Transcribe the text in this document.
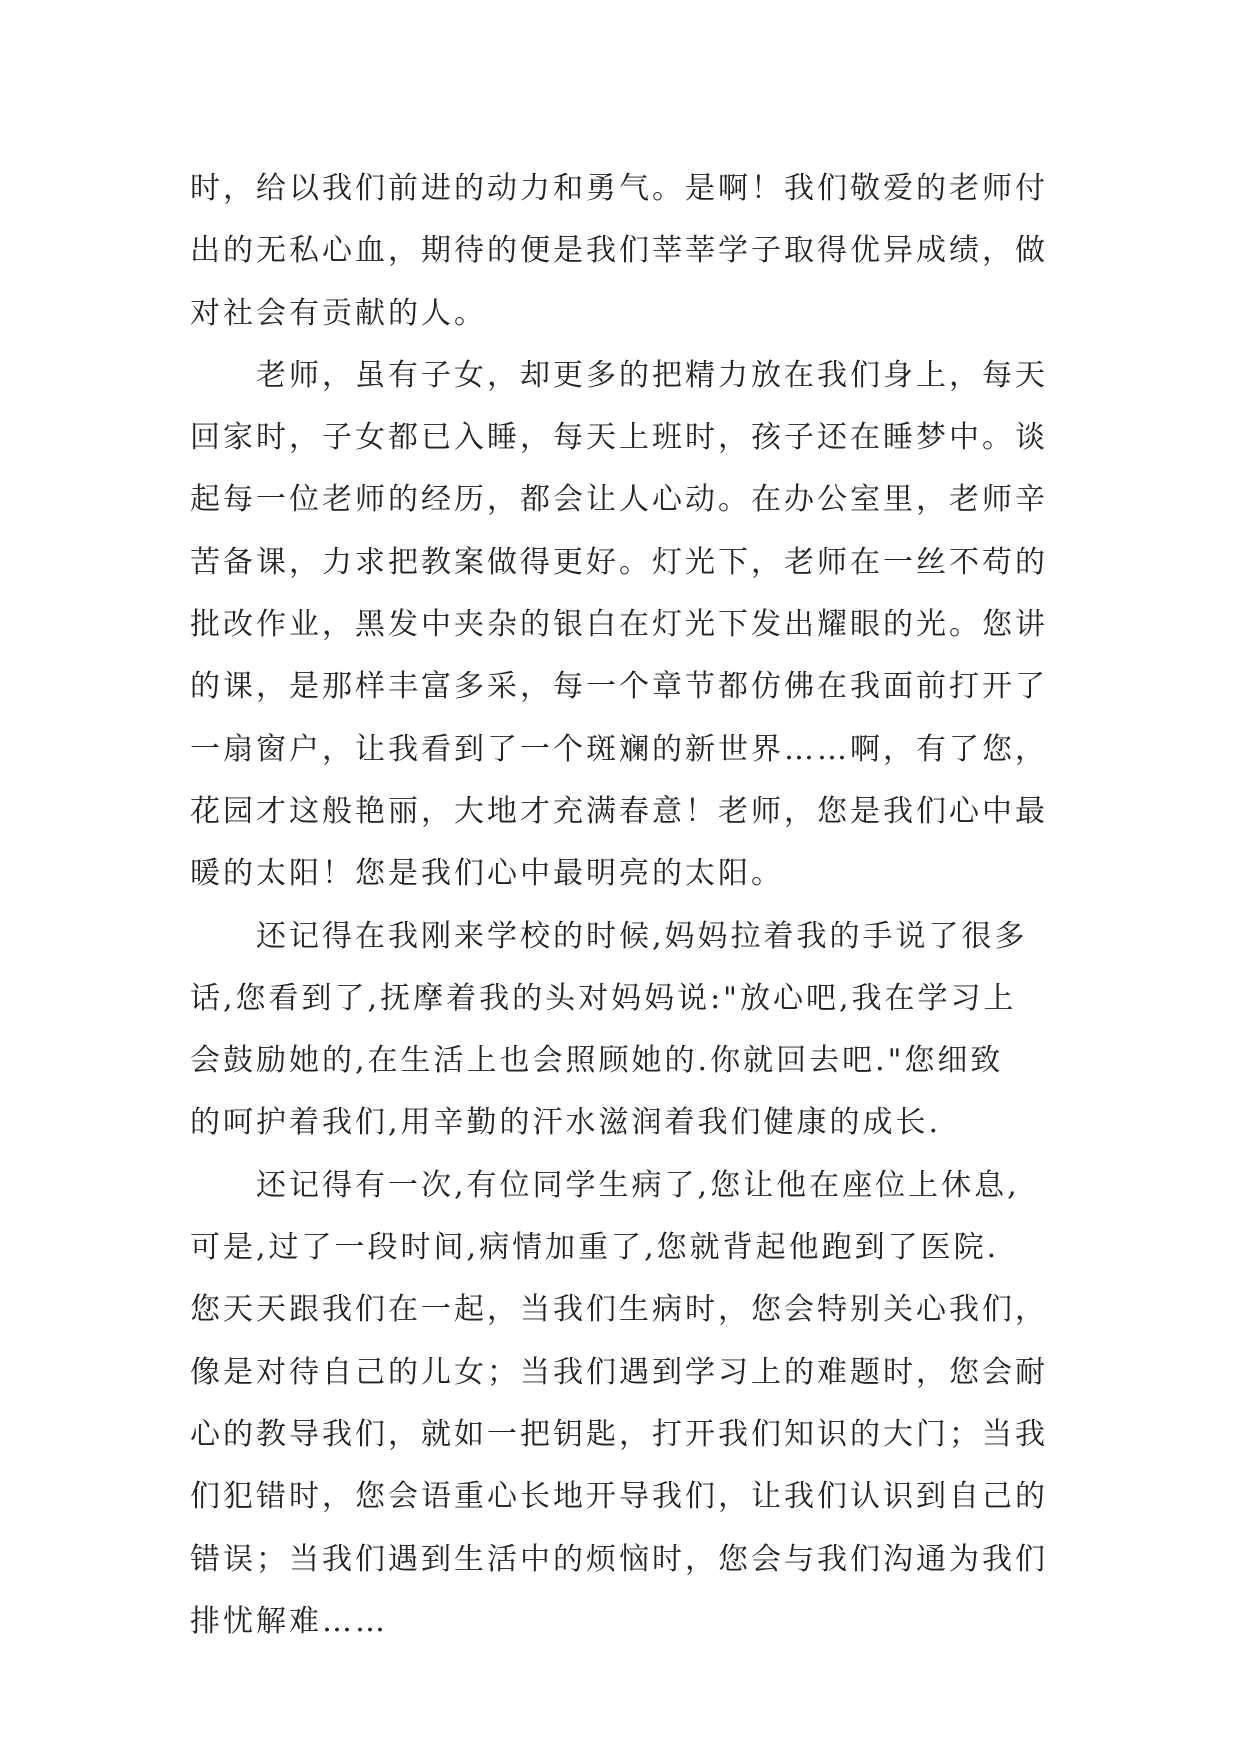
时，给以我们前进的动力和勇气。是啊！我们敬爱的老师付
出的无私心血，期待的便是我们莘莘学子取得优异成绩，做
对社会有贡献的人。
老师，虽有子女，却更多的把精力放在我们身上，每天
回家时，子女都已入睡，每天上班时，孩子还在睡梦中。谈
起每一位老师的经历，都会让人心动。在办公室里，老师辛
苦备课，力求把教案做得更好。灯光下，老师在一丝不苟的
批改作业，黑发中夹杂的银白在灯光下发出耀眼的光。您讲
的课，是那样丰富多采，每一个章节都仿佛在我面前打开了
一扇窗户，让我看到了一个斑斓的新世界……啊，有了您，
花园才这般艳丽，大地才充满春意！老师，您是我们心中最
暖的太阳！您是我们心中最明亮的太阳。
还记得在我刚来学校的时候,妈妈拉着我的手说了很多
话,您看到了,抚摩着我的头对妈妈说:"放心吧,我在学习上
会鼓励她的,在生活上也会照顾她的.你就回去吧."您细致
的呵护着我们,用辛勤的汗水滋润着我们健康的成长.
还记得有一次,有位同学生病了,您让他在座位上休息,
可是,过了一段时间,病情加重了,您就背起他跑到了医院.
您天天跟我们在一起，当我们生病时，您会特别关心我们，
像是对待自己的儿女；当我们遇到学习上的难题时，您会耐
心的教导我们，就如一把钥匙，打开我们知识的大门；当我
们犯错时，您会语重心长地开导我们，让我们认识到自己的
错误；当我们遇到生活中的烦恼时，您会与我们沟通为我们
排忧解难……
